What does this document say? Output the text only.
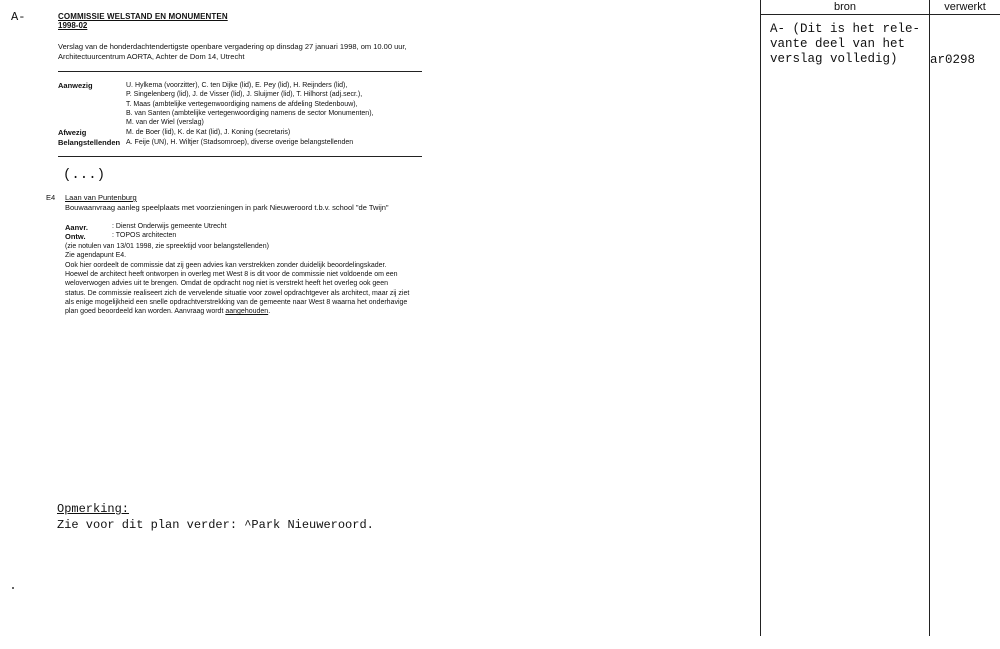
A-	COMMISSIE WELSTAND EN MONUMENTEN
1998-02
Verslag van de honderdachtendertigste openbare vergadering op dinsdag 27 januari 1998, om 10.00 uur, Architectuurcentrum AORTA, Achter de Dom 14, Utrecht
Aanwezig	U. Hylkema (voorzitter), C. ten Dijke (lid), E. Pey (lid), H. Reijnders (lid),
P. Singelenberg (lid), J. de Visser (lid), J. Sluijmer (lid), T. Hilhorst (adj.secr.),
T. Maas (ambtelijke vertegenwoordiging namens de afdeling Stedenbouw),
B. van Santen (ambtelijke vertegenwoordiging namens de sector Monumenten),
M. van der Wiel (verslag)
Afwezig	M. de Boer (lid), K. de Kat (lid), J. Koning (secretaris)
Belangstellenden A. Feije (UN), H. Wiltjer (Stadsomroep), diverse overige belangstellenden
(...)
E4 Laan van Puntenburg
Bouwaanvraag aanleg speelplaats met voorzieningen in park Nieuweroord t.b.v. school "de Twijn"
Aanvr.	: Dienst Onderwijs gemeente Utrecht
Ontw.	: TOPOS architecten
(zie notulen van 13/01 1998, zie spreektijd voor belangstellenden)
Zie agendapunt E4.
Ook hier oordeelt de commissie dat zij geen advies kan verstrekken zonder duidelijk beoordelingskader. Hoewel de architect heeft ontworpen in overleg met West 8 is dit voor de commissie niet voldoende om een weloverwogen advies uit te brengen. Omdat de opdracht nog niet is verstrekt heeft het overleg ook geen status. De commissie realiseert zich de vervelende situatie voor zowel opdrachtgever als architect, maar zij ziet als enige mogelijkheid een snelle opdrachtverstrekking van de gemeente naar West 8 waarna het onderhavige plan goed beoordeeld kan worden. Aanvraag wordt aangehouden.
Opmerking:
Zie voor dit plan verder: ^Park Nieuweroord.
bron	verwerkt
A- (Dit is het rele-
vante deel van het
verslag volledig)	ar0298
